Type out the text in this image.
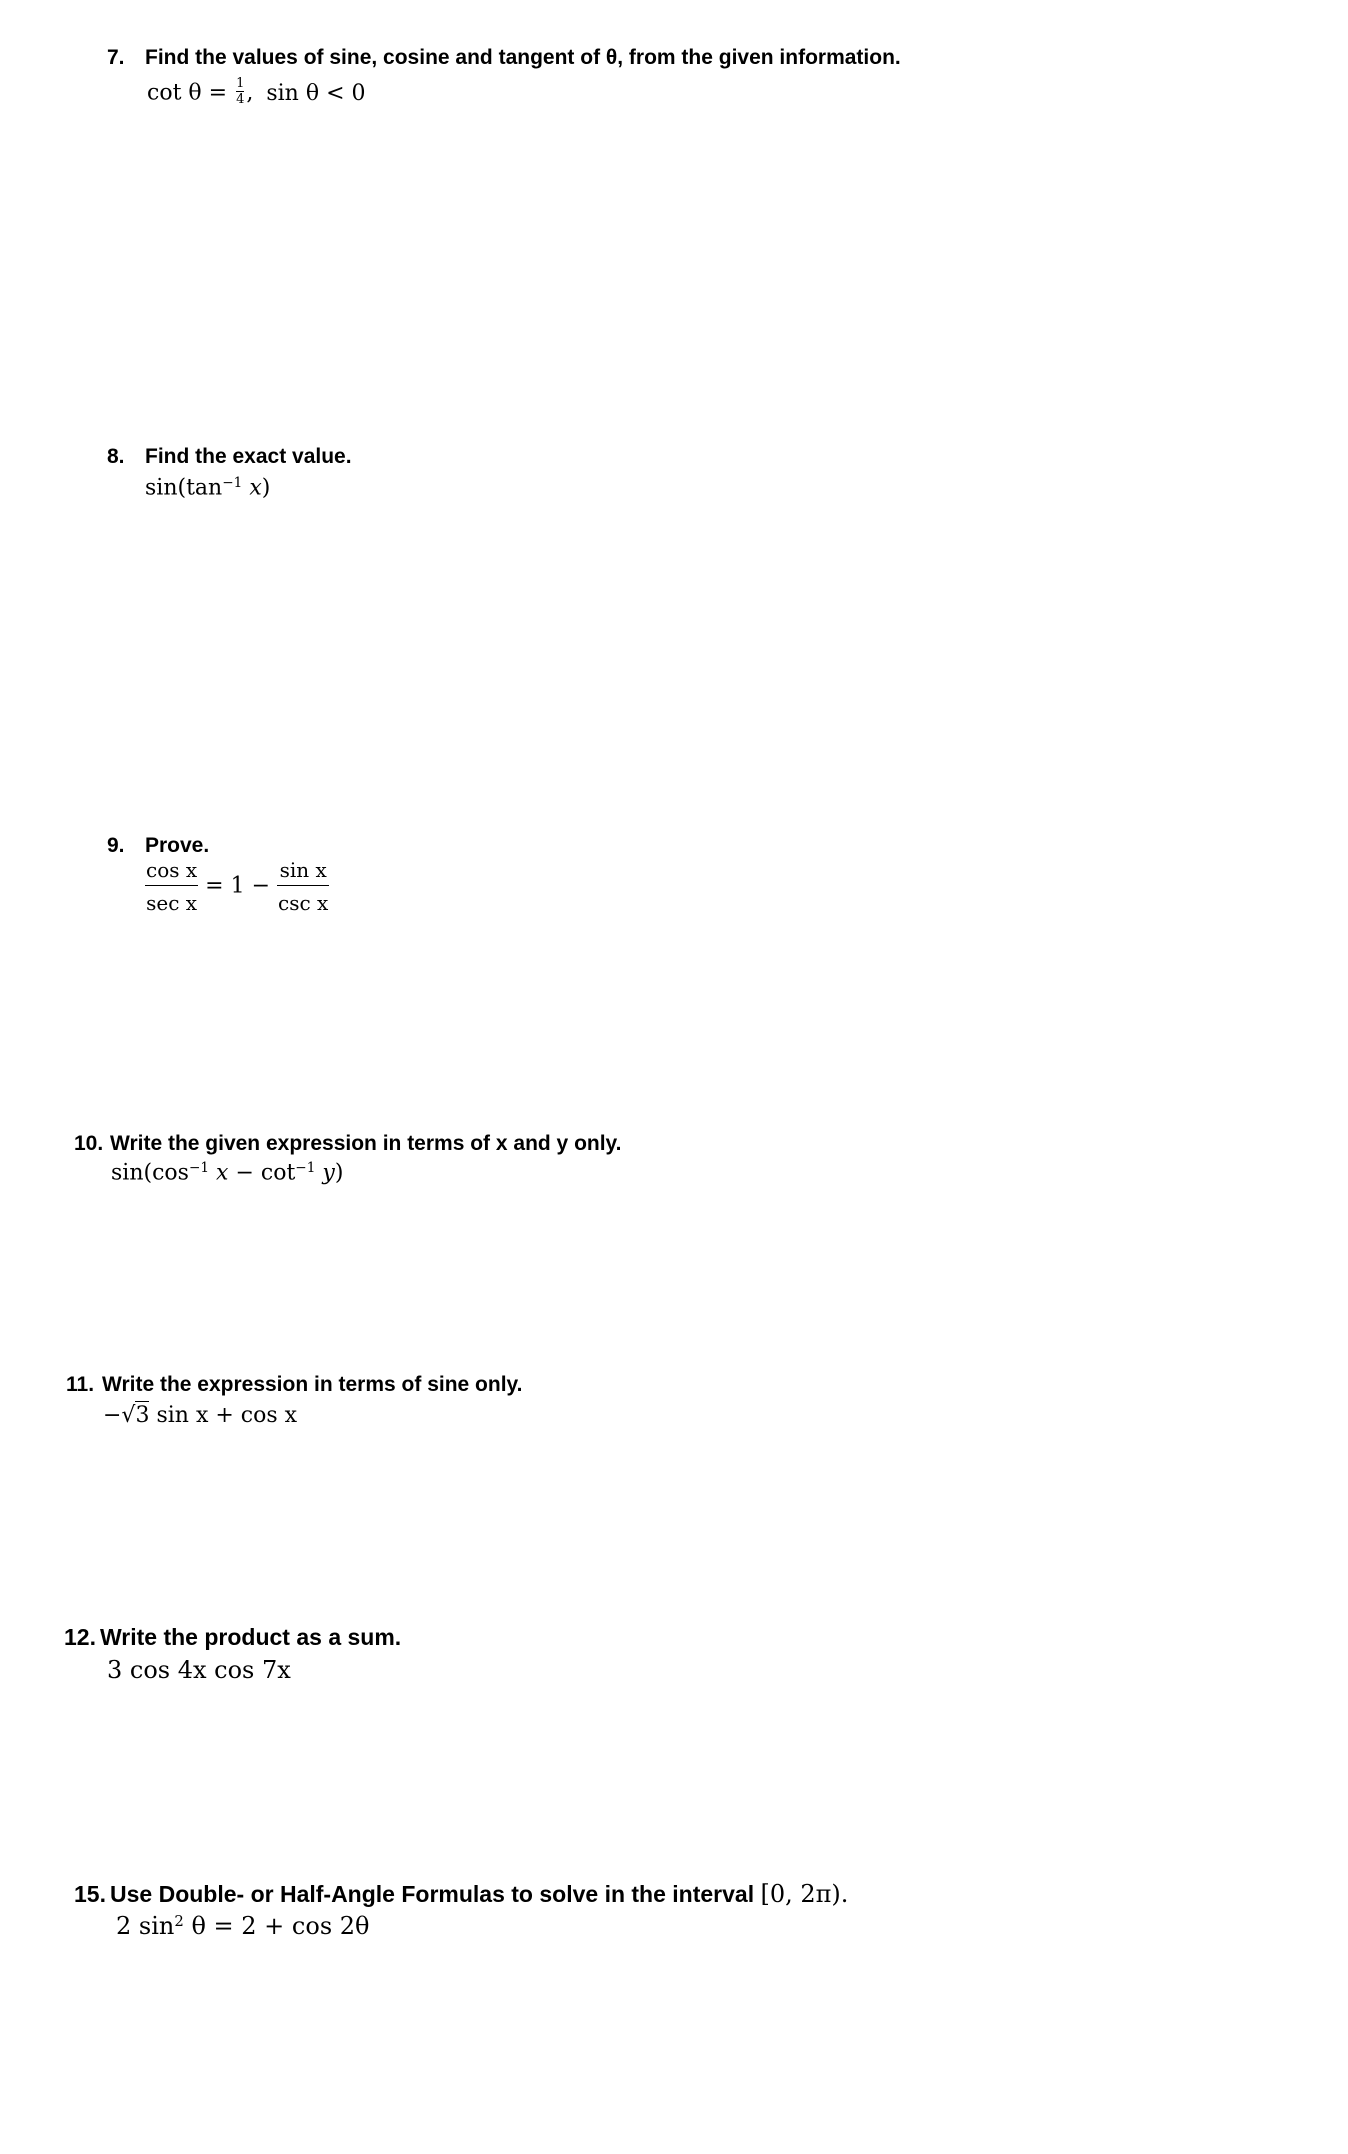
7. Find the values of sine, cosine and tangent of θ, from the given information.
$\cot \theta = \frac{1}{4}$ , sin θ < 0
8. Find the exact value.
$\sin(\tan^{-1}$ x)
9. Prove.
$\frac{\text{cos x}}{\text{sec x}} = 1 - \frac{\text{sin x}}{\text{csc x}}$
10. Write the given expression in terms of x and y only.
$\sin(\cos^{-1}$ $x - \cot^{-1} y$)
11. Write the expression in terms of sine only.
−√3 sin x + cos x
12. Write the product as a sum.
3 cos 4x cos 7x
15. Use Double- or Half-Angle Formulas to solve in the interval [0, 2π).
2 $\sin^2 \theta = 2 + \cos 2\theta$
